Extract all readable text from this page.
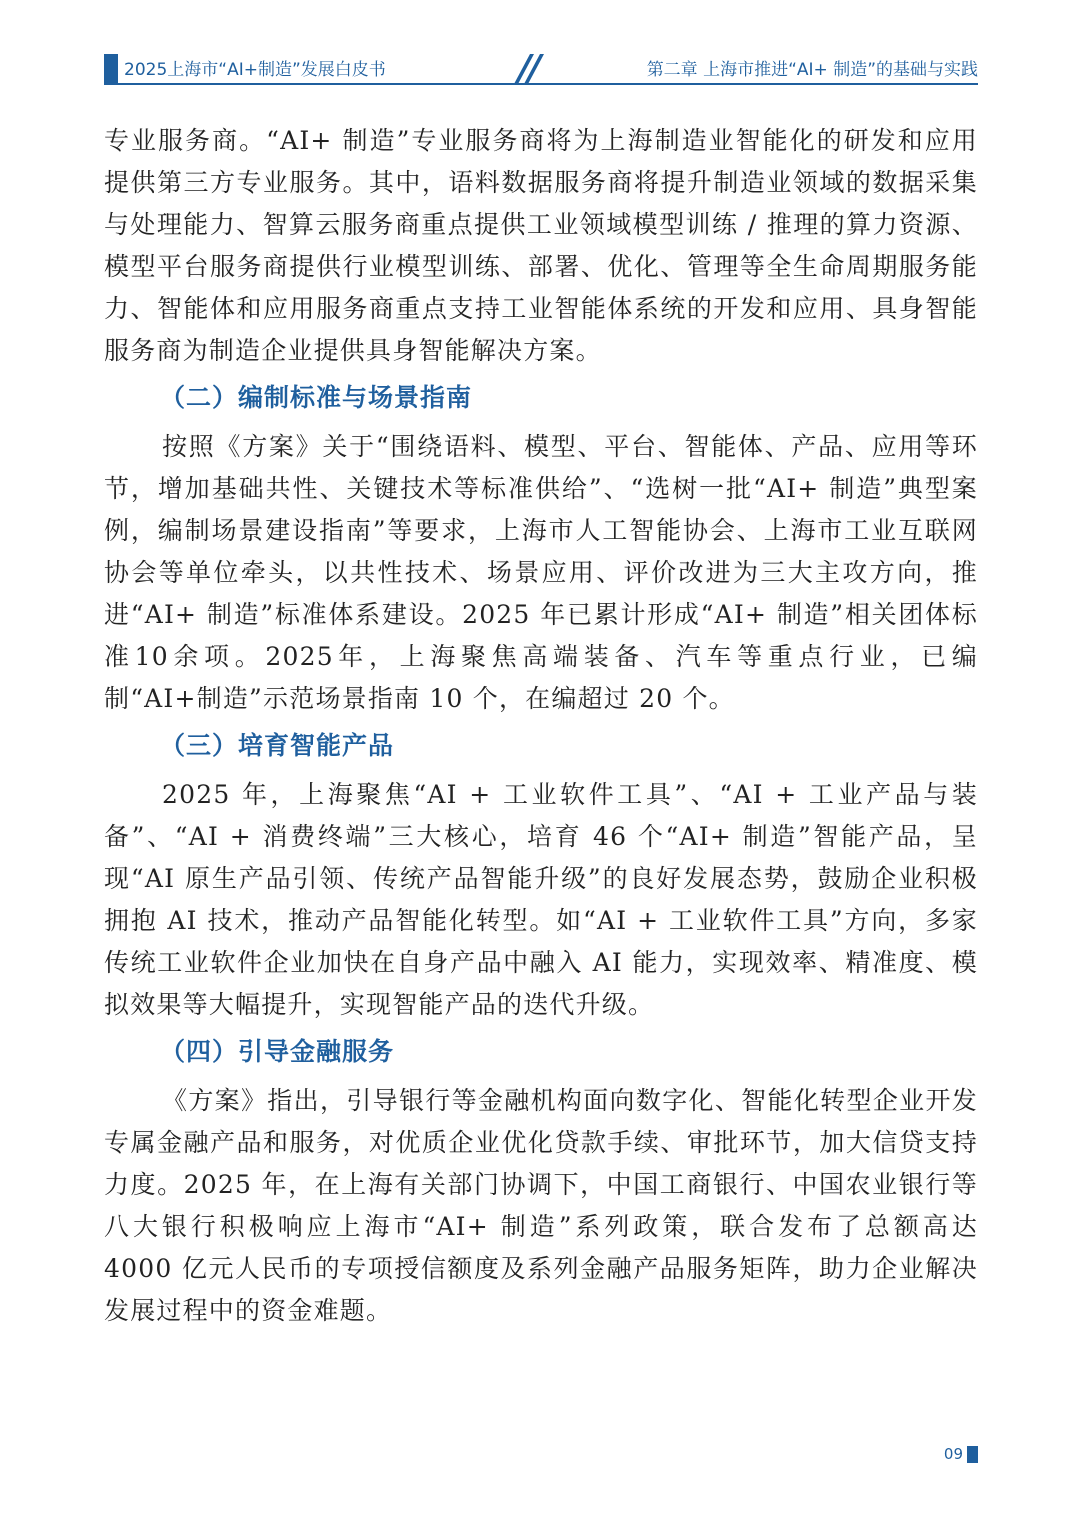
2025上海市“AI+制造”发展白皮书	第二章 上海市推进“AI+ 制造”的基础与实践

专业服务商。“AI+ 制造”专业服务商将为上海制造业智能化的研发和应用提供第三方专业服务。其中，语料数据服务商将提升制造业领域的数据采集与处理能力、智算云服务商重点提供工业领域模型训练 / 推理的算力资源、模型平台服务商提供行业模型训练、部署、优化、管理等全生命周期服务能力、智能体和应用服务商重点支持工业智能体系统的开发和应用、具身智能服务商为制造企业提供具身智能解决方案。

（二）编制标准与场景指南

按照《方案》关于“围绕语料、模型、平台、智能体、产品、应用等环节，增加基础共性、关键技术等标准供给”、“选树一批“AI+ 制造”典型案例，编制场景建设指南”等要求，上海市人工智能协会、上海市工业互联网协会等单位牵头，以共性技术、场景应用、评价改进为三大主攻方向，推进“AI+ 制造”标准体系建设。2025 年已累计形成“AI+ 制造”相关团体标准10余项。2025年，上海聚焦高端装备、汽车等重点行业，已编制“AI+制造”示范场景指南 10 个，在编超过 20 个。

（三）培育智能产品

2025 年，上海聚焦“AI + 工业软件工具”、“AI + 工业产品与装备”、“AI + 消费终端”三大核心，培育 46 个“AI+ 制造”智能产品，呈现“AI 原生产品引领、传统产品智能升级”的良好发展态势，鼓励企业积极拥抱 AI 技术，推动产品智能化转型。如“AI + 工业软件工具”方向，多家传统工业软件企业加快在自身产品中融入 AI 能力，实现效率、精准度、模拟效果等大幅提升，实现智能产品的迭代升级。

（四）引导金融服务

《方案》指出，引导银行等金融机构面向数字化、智能化转型企业开发专属金融产品和服务，对优质企业优化贷款手续、审批环节，加大信贷支持力度。2025 年，在上海有关部门协调下，中国工商银行、中国农业银行等八大银行积极响应上海市“AI+ 制造”系列政策，联合发布了总额高达 4000 亿元人民币的专项授信额度及系列金融产品服务矩阵，助力企业解决发展过程中的资金难题。

09
